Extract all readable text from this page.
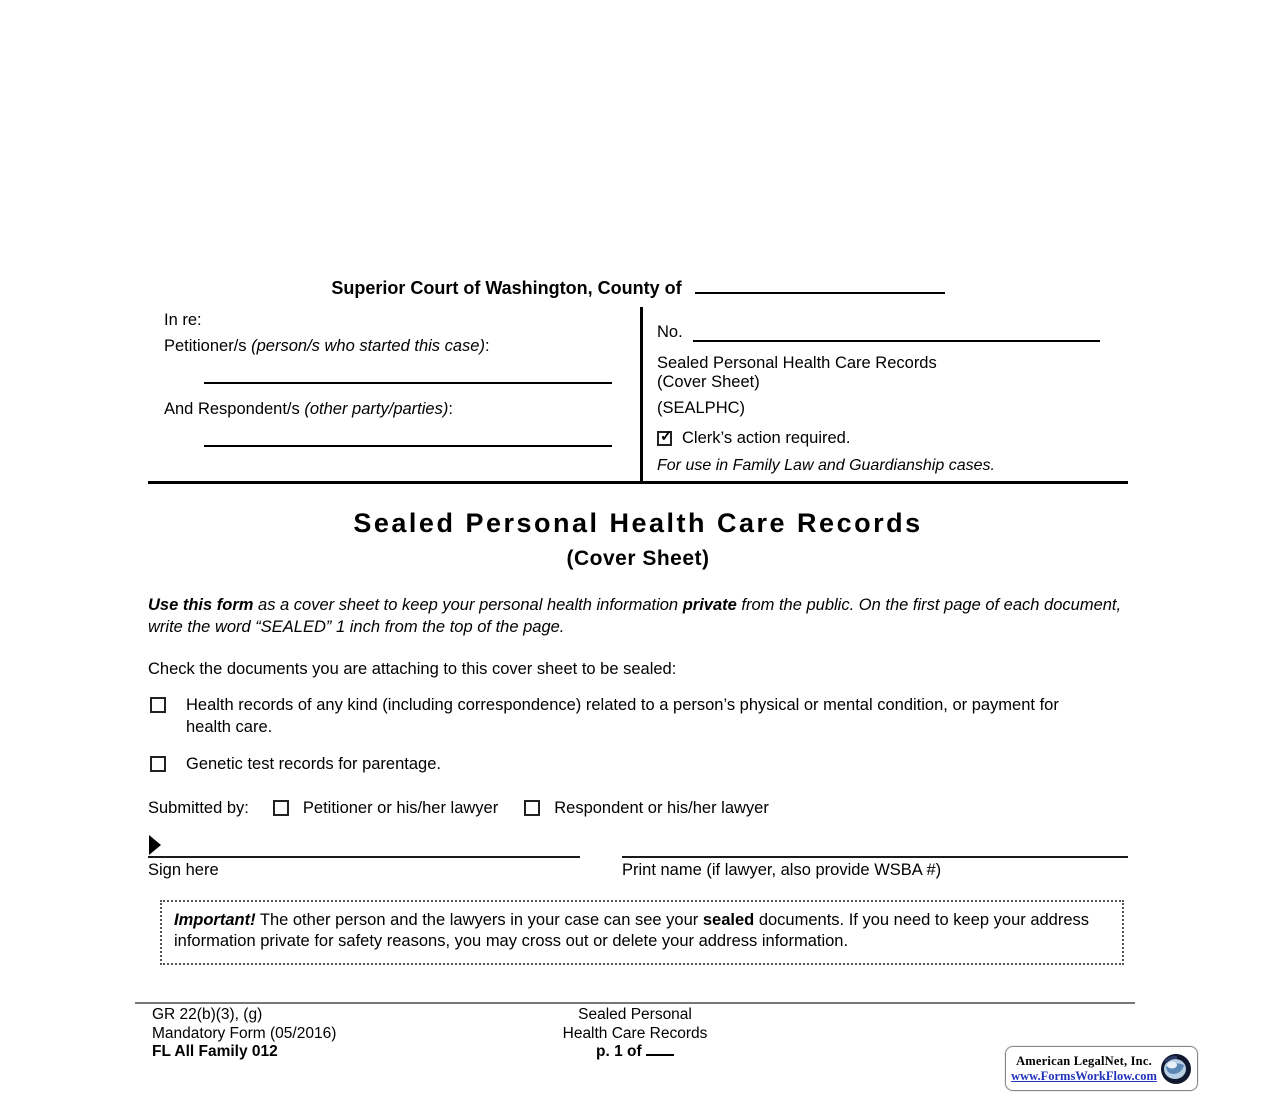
Superior Court of Washington, County of
In re:
Petitioner/s (person/s who started this case):
And Respondent/s (other party/parties):
No.
Sealed Personal Health Care Records
(Cover Sheet)
(SEALPHC)
✓ Clerk’s action required.
For use in Family Law and Guardianship cases.
Sealed Personal Health Care Records
(Cover Sheet)
Use this form as a cover sheet to keep your personal health information private from the public. On the first page of each document, write the word “SEALED” 1 inch from the top of the page.
Check the documents you are attaching to this cover sheet to be sealed:
Health records of any kind (including correspondence) related to a person’s physical or mental condition, or payment for health care.
Genetic test records for parentage.
Submitted by:	Petitioner or his/her lawyer	Respondent or his/her lawyer
Sign here	Print name (if lawyer, also provide WSBA #)
Important! The other person and the lawyers in your case can see your sealed documents. If you need to keep your address information private for safety reasons, you may cross out or delete your address information.
GR 22(b)(3), (g)
Mandatory Form (05/2016)
FL All Family 012
Sealed Personal
Health Care Records
p. 1 of
American LegalNet, Inc.
www.FormsWorkFlow.com
